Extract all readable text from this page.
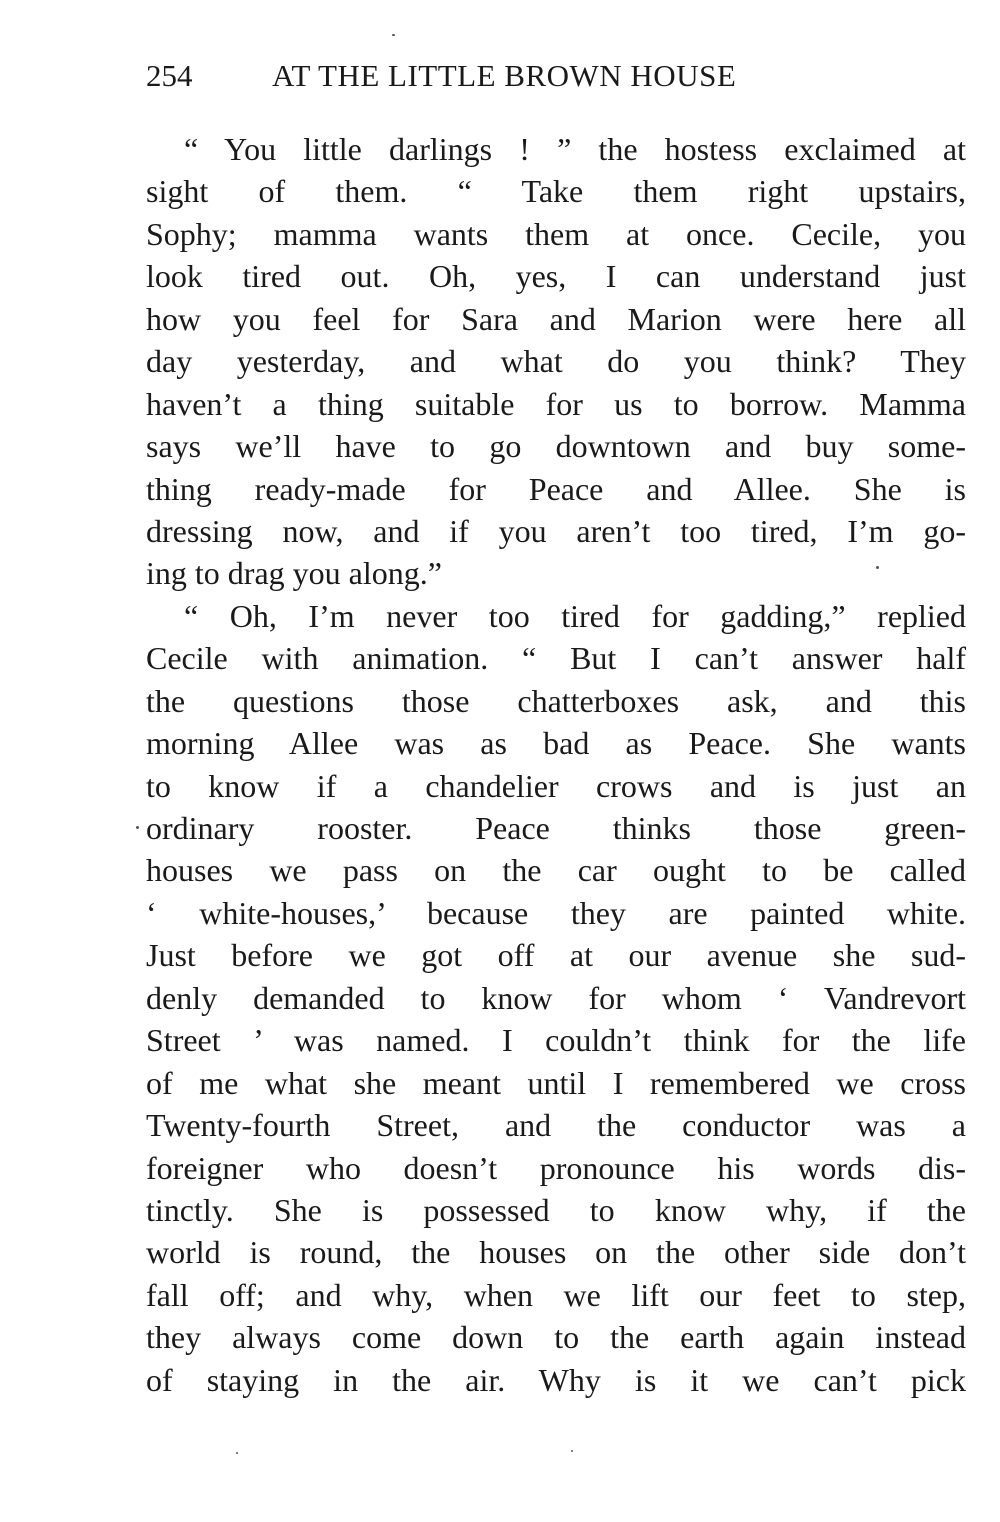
254	AT THE LITTLE BROWN HOUSE
“ You little darlings ! ” the hostess exclaimed at
sight of them. “ Take them right upstairs,
Sophy; mamma wants them at once. Cecile, you
look tired out. Oh, yes, I can understand just
how you feel for Sara and Marion were here all
day yesterday, and what do you think? They
haven’t a thing suitable for us to borrow. Mamma
says we’ll have to go downtown and buy some-
thing ready-made for Peace and Allee. She is
dressing now, and if you aren’t too tired, I’m go-
ing to drag you along.”
“ Oh, I’m never too tired for gadding,” replied
Cecile with animation. “ But I can’t answer half
the questions those chatterboxes ask, and this
morning Allee was as bad as Peace. She wants
to know if a chandelier crows and is just an
ordinary rooster. Peace thinks those green-
houses we pass on the car ought to be called
‘ white-houses,’ because they are painted white.
Just before we got off at our avenue she sud-
denly demanded to know for whom ‘ Vandrevort
Street ’ was named. I couldn’t think for the life
of me what she meant until I remembered we cross
Twenty-fourth Street, and the conductor was a
foreigner who doesn’t pronounce his words dis-
tinctly. She is possessed to know why, if the
world is round, the houses on the other side don’t
fall off; and why, when we lift our feet to step,
they always come down to the earth again instead
of staying in the air. Why is it we can’t pick
